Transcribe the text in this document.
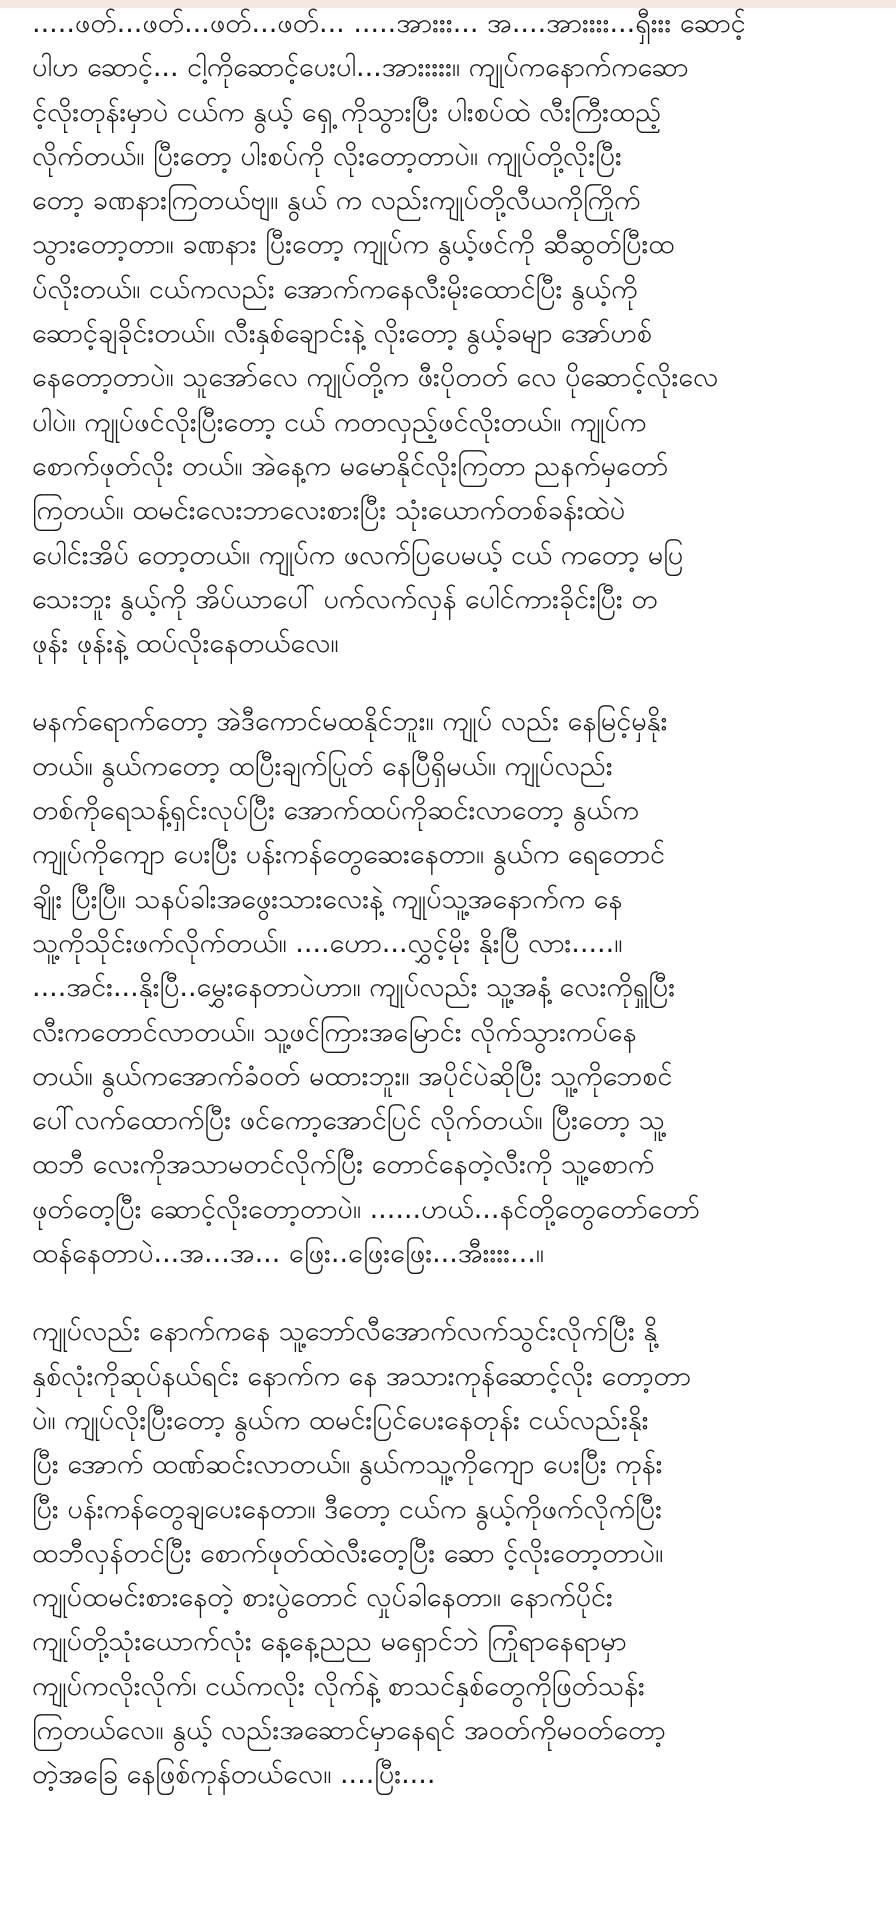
.....ဖတ်...ဖတ်...ဖတ်...ဖတ်... .....အားးး... အ....အားးးး...ရှီးးး ဆောင့်
ပါဟ ဆောင့်... ငါ့ကိုဆောင့်ပေးပါ...အားးးးး။ ကျုပ်ကနောက်ကဆော
င့်လိုးတုန်းမှာပဲ ငယ်က နွယ့် ရှေ့ ကိုသွားပြီး ပါးစပ်ထဲ လီးကြီးထည့်
လိုက်တယ်။ ပြီးတော့ ပါးစပ်ကို လိုးတော့တာပဲ။ ကျုပ်တို့လိုးပြီး
တော့ ခဏနားကြတယ်ဗျ။ နွယ် က လည်းကျုပ်တို့လီယကိုကြိုက်
သွားတော့တာ။ ခဏနား ပြီးတော့ ကျုပ်က နွယ့်ဖင်ကို ဆီဆွတ်ပြီးထ
ပ်လိုးတယ်။ ငယ်ကလည်း အောက်ကနေလီးမိုးထောင်ပြီး နွယ့်ကို
ဆောင့်ချခိုင်းတယ်။ လီးနှစ်ချောင်းနဲ့ လိုးတော့ နွယ့်ခမျာ အော်ဟစ်
နေတော့တာပဲ။ သူအော်လေ ကျုပ်တို့က ဖီးပိုတတ် လေ ပိုဆောင့်လိုးလေ
ပါပဲ။ ကျုပ်ဖင်လိုးပြီးတော့ ငယ် ကတလှည့်ဖင်လိုးတယ်။ ကျုပ်က
စောက်ဖုတ်လိုး တယ်။ အဲနေ့က မမောနိုင်လိုးကြတာ ညနက်မှတော်
ကြတယ်။ ထမင်းလေးဘာလေးစားပြီး သုံးယောက်တစ်ခန်းထဲပဲ
ပေါင်းအိပ် တော့တယ်။ ကျုပ်က ဖလက်ပြပေမယ့် ငယ် ကတော့ မပြ
သေးဘူး နွယ့်ကို အိပ်ယာပေါ် ပက်လက်လှန် ပေါင်ကားခိုင်းပြီး တ
ဖုန်း ဖုန်းနဲ့ ထပ်လိုးနေတယ်လေ။
မနက်ရောက်တော့ အဲဒီကောင်မထနိုင်ဘူး။ ကျုပ် လည်း နေမြင့်မှနိုး
တယ်။ နွယ်ကတော့ ထပြီးချက်ပြုတ် နေပြီရှိမယ်။ ကျုပ်လည်း
တစ်ကိုရေသန့်ရှင်းလုပ်ပြီး အောက်ထပ်ကိုဆင်းလာတော့ နွယ်က
ကျုပ်ကိုကျော ပေးပြီး ပန်းကန်တွေဆေးနေတာ။ နွယ်က ရေတောင်
ချိုး ပြီးပြီ။ သနပ်ခါးအဖွေးသားလေးနဲ့ ကျုပ်သူ့အနောက်က နေ
သူ့ကိုသိုင်းဖက်လိုက်တယ်။ ....ဟော...လွှင့်မိုး နိုးပြီ လား.....။
....အင်း...နိုးပြီ..မွှေးနေတာပဲဟာ။ ကျုပ်လည်း သူ့အနံ့ လေးကိုရှူပြီး
လီးကတောင်လာတယ်။ သူ့ဖင်ကြားအမြောင်း လိုက်သွားကပ်နေ
တယ်။ နွယ်ကအောက်ခံဝတ် မထားဘူး။ အပိုင်ပဲဆိုပြီး သူ့ကိုဘေစင်
ပေါ်လက်ထောက်ပြီး ဖင်ကော့အောင်ပြင် လိုက်တယ်။ ပြီးတော့ သူ့
ထဘီ လေးကိုအသာမတင်လိုက်ပြီး တောင်နေတဲ့လီးကို သူ့စောက်
ဖုတ်တေ့ပြီး ဆောင့်လိုးတော့တာပဲ။ ......ဟယ်...နင်တို့တွေတော်တော်
ထန်နေတာပဲ...အ...အ... ဖြေး..ဖြေးဖြေး...အီးးးး...။
ကျုပ်လည်း နောက်ကနေ သူ့ဘော်လီအောက်လက်သွင်းလိုက်ပြီး နို့
နှစ်လုံးကိုဆုပ်နယ်ရင်း နောက်က နေ အသားကုန်ဆောင့်လိုး တော့တာ
ပဲ။ ကျုပ်လိုးပြီးတော့ နွယ်က ထမင်းပြင်ပေးနေတုန်း ငယ်လည်းနိုး
ပြီး အောက် ထဏ်ဆင်းလာတယ်။ နွယ်ကသူ့ကိုကျော ပေးပြီး ကုန်း
ပြီး ပန်းကန်တွေချပေးနေတာ။ ဒီတော့ ငယ်က နွယ့်ကိုဖက်လိုက်ပြီး
ထဘီလှန်တင်ပြီး စောက်ဖုတ်ထဲလီးတေ့ပြီး ဆော င့်လိုးတော့တာပဲ။
ကျုပ်ထမင်းစားနေတဲ့ စားပွဲတောင် လှုပ်ခါနေတာ။ နောက်ပိုင်း
ကျုပ်တို့သုံးယောက်လုံး နေ့နေ့ညည မရှောင်ဘဲ ကြုံရာနေရာမှာ
ကျုပ်ကလိုးလိုက်၊ ငယ်ကလိုး လိုက်နဲ့ စာသင်နှစ်တွေကိုဖြတ်သန်း
ကြတယ်လေ။ နွယ့် လည်းအဆောင်မှာနေရင် အဝတ်ကိုမဝတ်တော့
တဲ့အခြေ နေဖြစ်ကုန်တယ်လေ။ ....ပြီး....
